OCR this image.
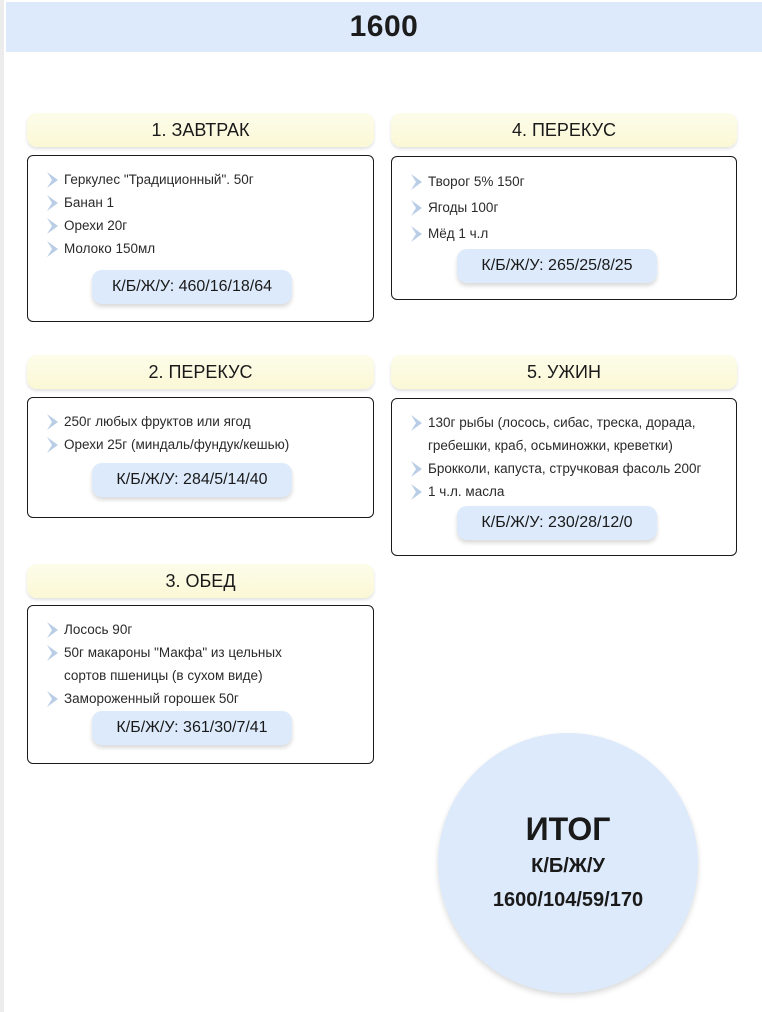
1600
1. ЗАВТРАК
Геркулес "Традиционный". 50г
Банан 1
Орехи 20г
Молоко 150мл
К/Б/Ж/У: 460/16/18/64
4. ПЕРЕКУС
Творог 5% 150г
Ягоды 100г
Мёд 1 ч.л
К/Б/Ж/У: 265/25/8/25
2. ПЕРЕКУС
250г любых фруктов или ягод
Орехи 25г (миндаль/фундук/кешью)
К/Б/Ж/У: 284/5/14/40
5. УЖИН
130г рыбы (лосось, сибас, треска, дорада, гребешки, краб, осьминожки, креветки)
Брокколи, капуста, стручковая фасоль 200г
1 ч.л. масла
К/Б/Ж/У: 230/28/12/0
3. ОБЕД
Лосось 90г
50г макароны "Макфа" из цельных сортов пшеницы (в сухом виде)
Замороженный горошек 50г
К/Б/Ж/У: 361/30/7/41
ИТОГ
К/Б/Ж/У
1600/104/59/170
